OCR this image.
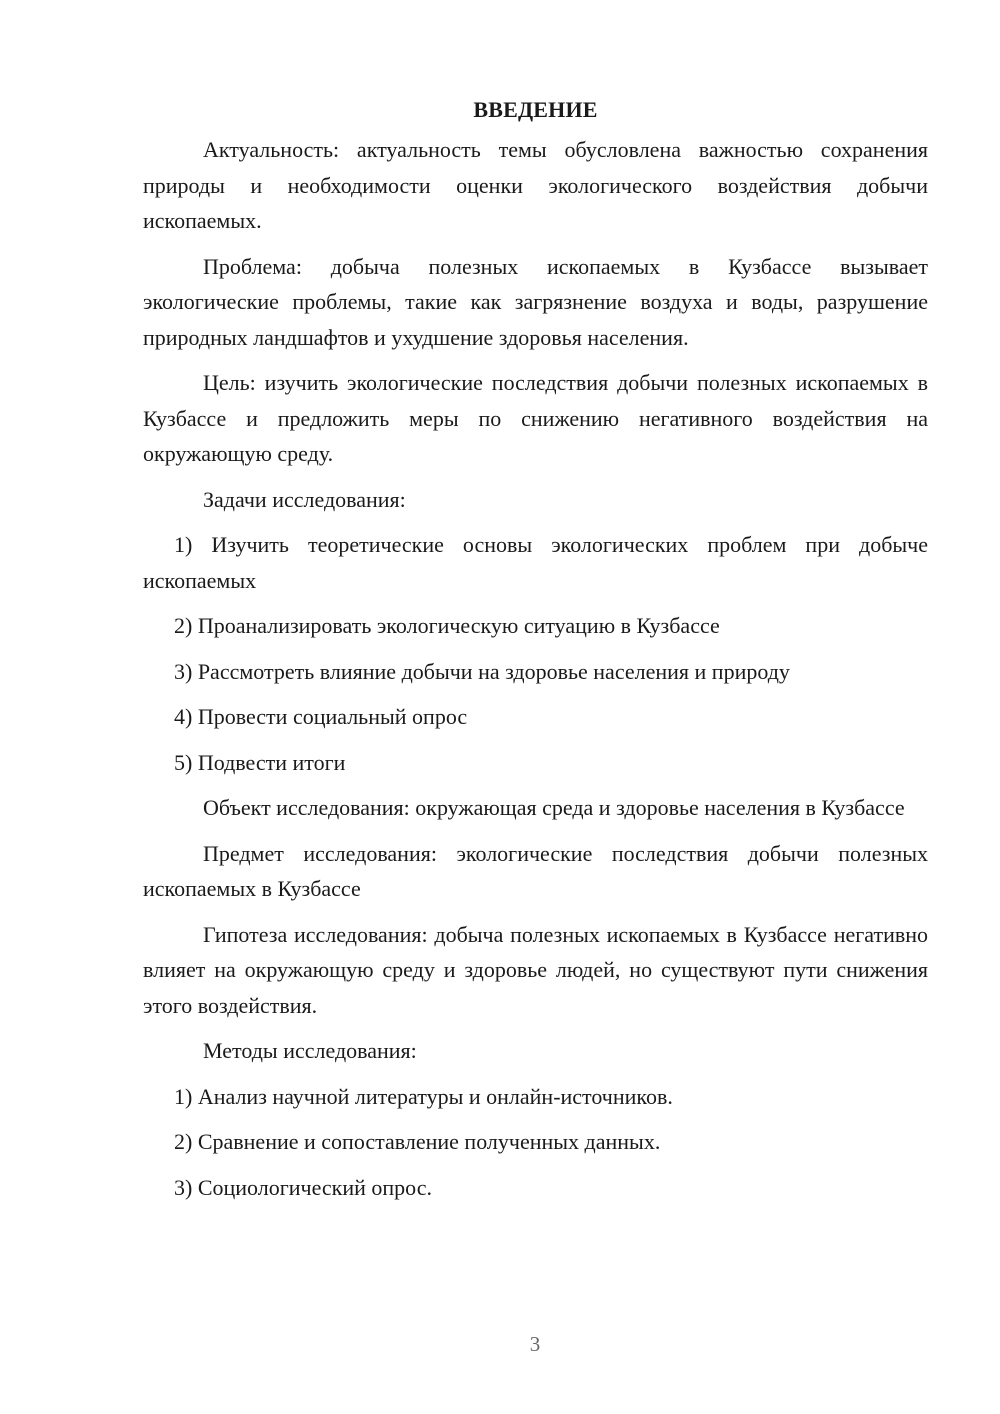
ВВЕДЕНИЕ

Актуальность: актуальность темы обусловлена важностью сохранения природы и необходимости оценки экологического воздействия добычи ископаемых.

Проблема: добыча полезных ископаемых в Кузбассе вызывает экологические проблемы, такие как загрязнение воздуха и воды, разрушение природных ландшафтов и ухудшение здоровья населения.

Цель: изучить экологические последствия добычи полезных ископаемых в Кузбассе и предложить меры по снижению негативного воздействия на окружающую среду.

Задачи исследования:

1) Изучить теоретические основы экологических проблем при добыче ископаемых

2) Проанализировать экологическую ситуацию в Кузбассе

3) Рассмотреть влияние добычи на здоровье населения и природу

4) Провести социальный опрос

5) Подвести итоги

Объект исследования: окружающая среда и здоровье населения в Кузбассе

Предмет исследования: экологические последствия добычи полезных ископаемых в Кузбассе

Гипотеза исследования: добыча полезных ископаемых в Кузбассе негативно влияет на окружающую среду и здоровье людей, но существуют пути снижения этого воздействия.

Методы исследования:

1) Анализ научной литературы и онлайн-источников.

2) Сравнение и сопоставление полученных данных.

3) Социологический опрос.

3
